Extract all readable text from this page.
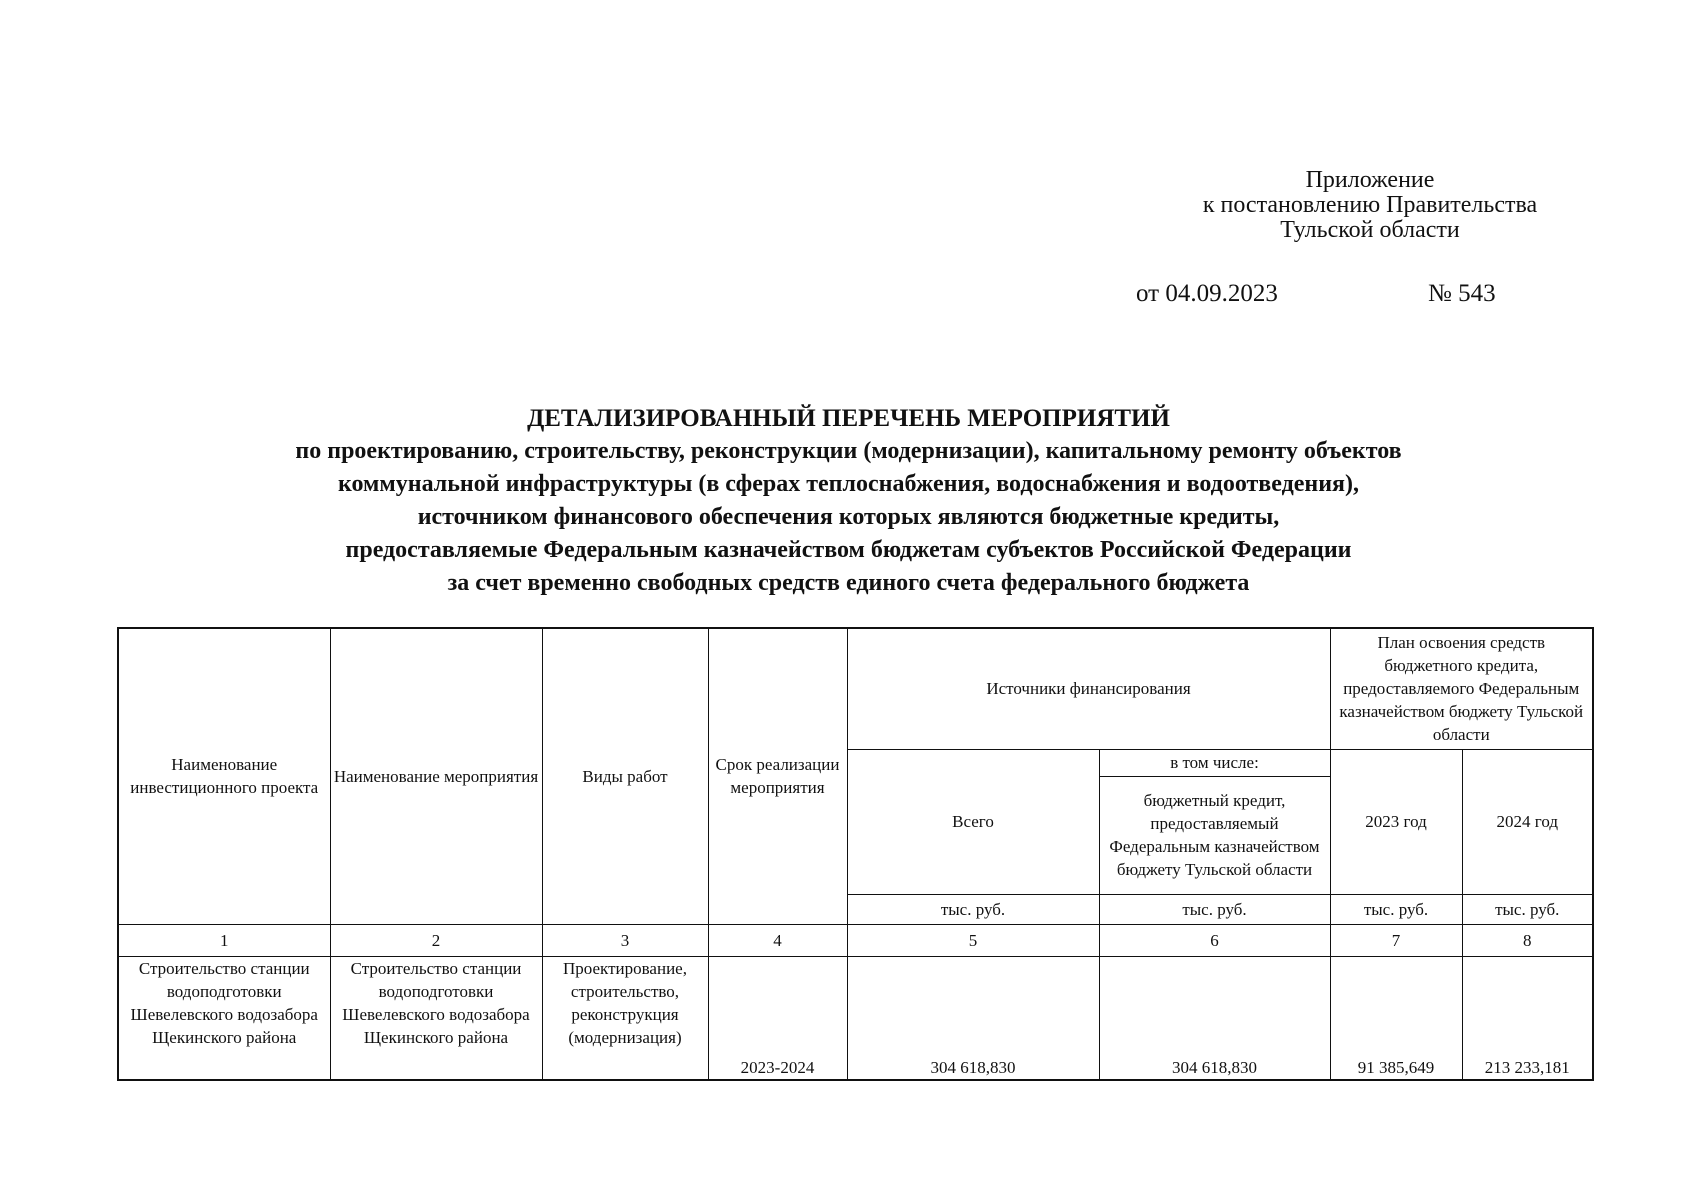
Приложение
к постановлению Правительства
Тульской области
от 04.09.2023	№ 543
ДЕТАЛИЗИРОВАННЫЙ ПЕРЕЧЕНЬ МЕРОПРИЯТИЙ
по проектированию, строительству, реконструкции (модернизации), капитальному ремонту объектов
коммунальной инфраструктуры (в сферах теплоснабжения, водоснабжения и водоотведения),
источником финансового обеспечения которых являются бюджетные кредиты,
предоставляемые Федеральным казначейством бюджетам субъектов Российской Федерации
за счет временно свободных средств единого счета федерального бюджета
Наименование инвестиционного проекта	Наименование мероприятия	Виды работ	Срок реализации мероприятия	Источники финансирования		План освоения средств бюджетного кредита, предоставляемого Федеральным казначейством бюджету Тульской области	
				Всего	в том числе:	2023 год	2024 год
					бюджетный кредит, предоставляемый Федеральным казначейством бюджету Тульской области		
				тыс. руб.	тыс. руб.	тыс. руб.	тыс. руб.
1	2	3	4	5	6	7	8
Строительство станции водоподготовки Шевелевского водозабора Щекинского района	Строительство станции водоподготовки Шевелевского водозабора Щекинского района	Проектирование, строительство, реконструкция (модернизация)	2023-2024	304 618,830	304 618,830	91 385,649	213 233,181
